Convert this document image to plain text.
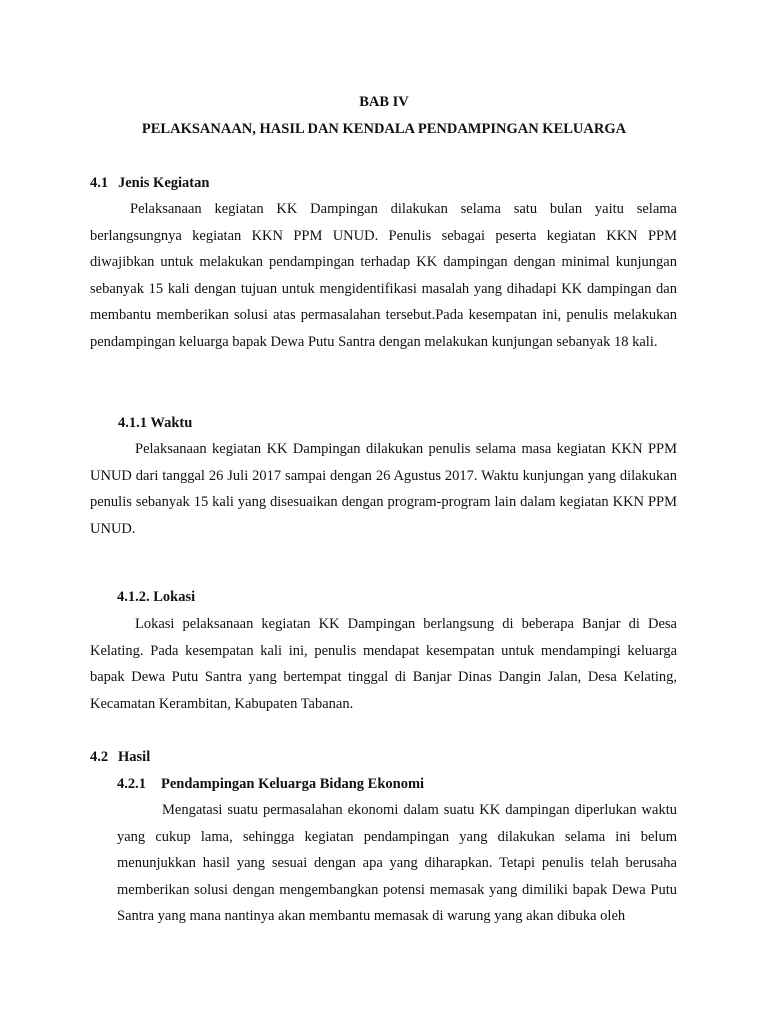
BAB IV

PELAKSANAAN, HASIL DAN KENDALA PENDAMPINGAN KELUARGA

4.1 Jenis Kegiatan

Pelaksanaan kegiatan KK Dampingan dilakukan selama satu bulan yaitu selama berlangsungnya kegiatan KKN PPM UNUD. Penulis sebagai peserta kegiatan KKN PPM diwajibkan untuk melakukan pendampingan terhadap KK dampingan dengan minimal kunjungan sebanyak 15 kali dengan tujuan untuk mengidentifikasi masalah yang dihadapi KK dampingan dan membantu memberikan solusi atas permasalahan tersebut.Pada kesempatan ini, penulis melakukan pendampingan keluarga bapak Dewa Putu Santra dengan melakukan kunjungan sebanyak 18 kali.

4.1.1 Waktu

Pelaksanaan kegiatan KK Dampingan dilakukan penulis selama masa kegiatan KKN PPM UNUD dari tanggal 26 Juli 2017 sampai dengan 26 Agustus 2017. Waktu kunjungan yang dilakukan penulis sebanyak 15 kali yang disesuaikan dengan program-program lain dalam kegiatan KKN PPM UNUD.

4.1.2. Lokasi

Lokasi pelaksanaan kegiatan KK Dampingan berlangsung di beberapa Banjar di Desa Kelating. Pada kesempatan kali ini, penulis mendapat kesempatan untuk mendampingi keluarga bapak Dewa Putu Santra yang bertempat tinggal di Banjar Dinas Dangin Jalan, Desa Kelating, Kecamatan Kerambitan, Kabupaten Tabanan.

4.2 Hasil

4.2.1 Pendampingan Keluarga Bidang Ekonomi

Mengatasi suatu permasalahan ekonomi dalam suatu KK dampingan diperlukan waktu yang cukup lama, sehingga kegiatan pendampingan yang dilakukan selama ini belum menunjukkan hasil yang sesuai dengan apa yang diharapkan. Tetapi penulis telah berusaha memberikan solusi dengan mengembangkan potensi memasak yang dimiliki bapak Dewa Putu Santra yang mana nantinya akan membantu memasak di warung yang akan dibuka oleh
